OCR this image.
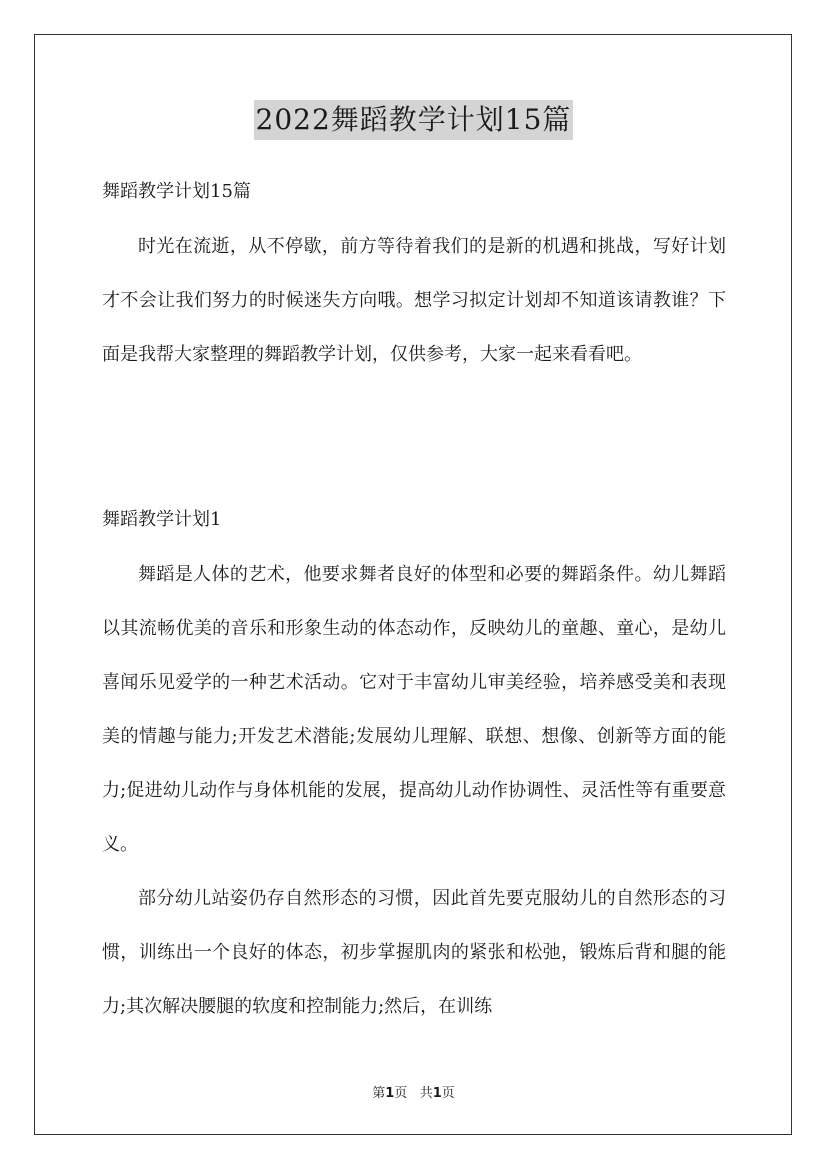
2022舞蹈教学计划15篇
舞蹈教学计划15篇

时光在流逝，从不停歇，前方等待着我们的是新的机遇和挑战，写好计划才不会让我们努力的时候迷失方向哦。想学习拟定计划却不知道该请教谁？下面是我帮大家整理的舞蹈教学计划，仅供参考，大家一起来看看吧。

舞蹈教学计划1

舞蹈是人体的艺术，他要求舞者良好的体型和必要的舞蹈条件。幼儿舞蹈以其流畅优美的音乐和形象生动的体态动作，反映幼儿的童趣、童心，是幼儿喜闻乐见爱学的一种艺术活动。它对于丰富幼儿审美经验，培养感受美和表现美的情趣与能力;开发艺术潜能;发展幼儿理解、联想、想像、创新等方面的能力;促进幼儿动作与身体机能的发展，提高幼儿动作协调性、灵活性等有重要意义。

部分幼儿站姿仍存自然形态的习惯，因此首先要克服幼儿的自然形态的习惯，训练出一个良好的体态，初步掌握肌肉的紧张和松弛，锻炼后背和腿的能力;其次解决腰腿的软度和控制能力;然后，在训练

第1页 共1页
